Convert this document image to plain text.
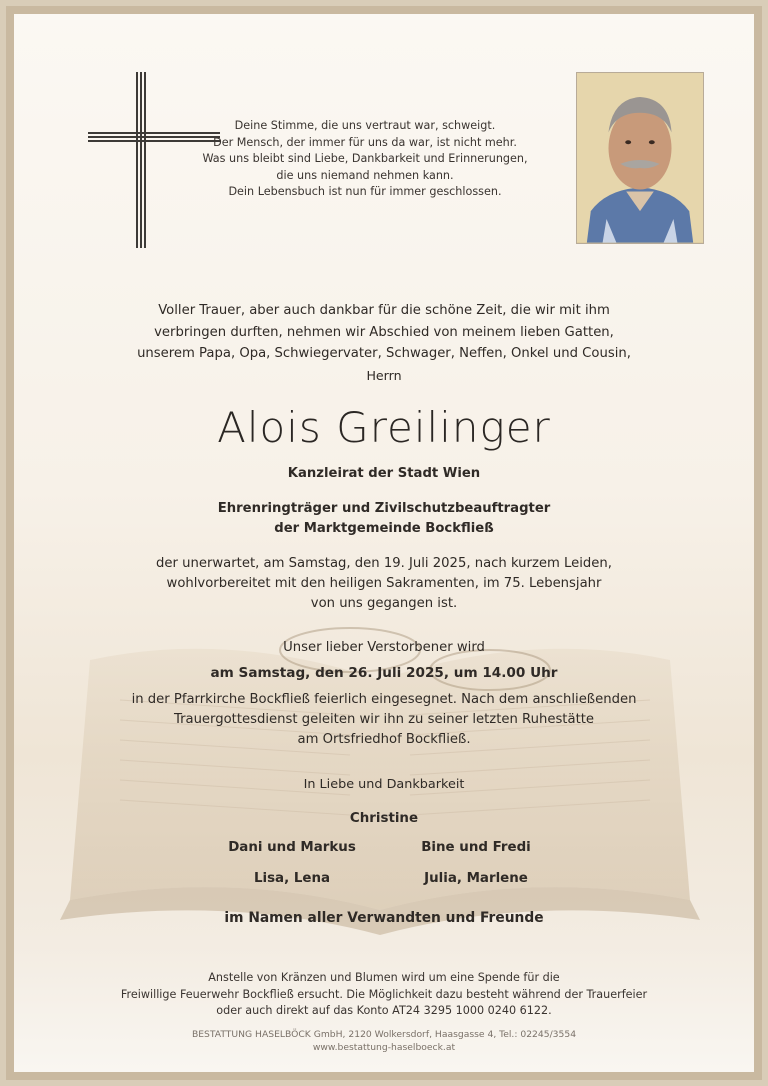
Deine Stimme, die uns vertraut war, schweigt.
Der Mensch, der immer für uns da war, ist nicht mehr.
Was uns bleibt sind Liebe, Dankbarkeit und Erinnerungen,
die uns niemand nehmen kann.
Dein Lebensbuch ist nun für immer geschlossen.
Voller Trauer, aber auch dankbar für die schöne Zeit, die wir mit ihm
verbringen durften, nehmen wir Abschied von meinem lieben Gatten,
unserem Papa, Opa, Schwiegervater, Schwager, Neffen, Onkel und Cousin,
Herrn
Alois Greilinger
Kanzleirat der Stadt Wien
Ehrenringträger und Zivilschutzbeauftragter
der Marktgemeinde Bockfließ
der unerwartet, am Samstag, den 19. Juli 2025, nach kurzem Leiden,
wohlvorbereitet mit den heiligen Sakramenten, im 75. Lebensjahr
von uns gegangen ist.
Unser lieber Verstorbener wird
am Samstag, den 26. Juli 2025, um 14.00 Uhr
in der Pfarrkirche Bockfließ feierlich eingesegnet. Nach dem anschließenden
Trauergottesdienst geleiten wir ihn zu seiner letzten Ruhestätte
am Ortsfriedhof Bockfließ.
In Liebe und Dankbarkeit
Christine
Dani und Markus	Bine und Fredi
Lisa, Lena	Julia, Marlene
im Namen aller Verwandten und Freunde
Anstelle von Kränzen und Blumen wird um eine Spende für die
Freiwillige Feuerwehr Bockfließ ersucht. Die Möglichkeit dazu besteht während der Trauerfeier
oder auch direkt auf das Konto AT24 3295 1000 0240 6122.
BESTATTUNG HASELBÖCK GmbH, 2120 Wolkersdorf, Haasgasse 4, Tel.: 02245/3554
www.bestattung-haselboeck.at
